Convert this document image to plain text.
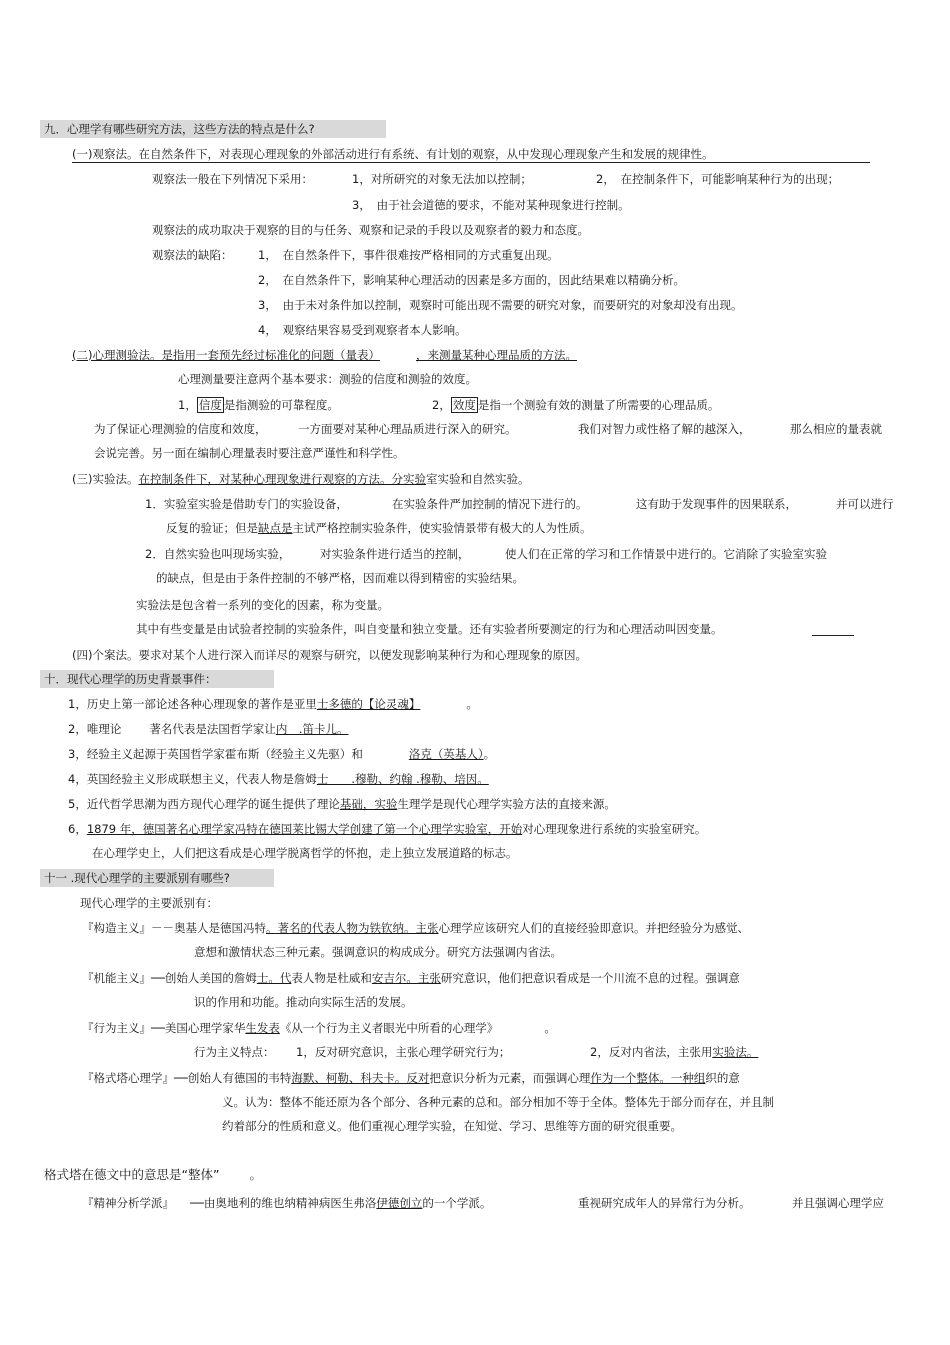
九．心理学有哪些研究方法，这些方法的特点是什么?
(一)观察法。在自然条件下，对表现心理现象的外部活动进行有系统、有计划的观察，从中发现心理现象产生和发展的规律性。
观察法一般在下列情况下采用：	1，对所研究的对象无法加以控制；	2，　在控制条件下，可能影响某种行为的出现；
3，　由于社会道德的要求，不能对某种现象进行控制。
观察法的成功取决于观察的目的与任务、观察和记录的手段以及观察者的毅力和态度。
观察法的缺陷： 1，　在自然条件下，事件很难按严格相同的方式重复出现。
2，　在自然条件下，影响某种心理活动的因素是多方面的，因此结果难以精确分析。
3，　由于未对条件加以控制，观察时可能出现不需要的研究对象，而要研究的对象却没有出现。
4，　观察结果容易受到观察者本人影响。
(二)心理测验法。是指用一套预先经过标准化的问题（量表）	，来测量某种心理品质的方法。
心理测量要注意两个基本要求：测验的信度和测验的效度。
1， 信度 是指测验的可靠程度。	2， 效度 是指一个测验有效的测量了所需要的心理品质。
为了保证心理测验的信度和效度，	一方面要对某种心理品质进行深入的研究。	我们对智力或性格了解的越深入，	那么相应的量表就
会说完善。另一面在编制心理量表时要注意严谨性和科学性。
(三)实验法。在控制条件下，对某种心理现象进行观察的方法。分实验室实验和自然实验。
1．实验室实验是借助专门的实验设备，	在实验条件严加控制的情况下进行的。	这有助于发现事件的因果联系，	并可以进行
反复的验证；但是缺点是主试严格控制实验条件，使实验情景带有极大的人为性质。
2．自然实验也叫现场实验，	对实验条件进行适当的控制，	使人们在正常的学习和工作情景中进行的。它消除了实验室实验
的缺点，但是由于条件控制的不够严格，因而难以得到精密的实验结果。
实验法是包含着一系列的变化的因素，称为变量。
其中有些变量是由试验者控制的实验条件，叫自变量和独立变量。还有实验者所要测定的行为和心理活动叫因变量。
(四)个案法。要求对某个人进行深入而详尽的观察与研究，以便发现影响某种行为和心理现象的原因。
十．现代心理学的历史背景事件：
1，历史上第一部论述各种心理现象的著作是亚里士多德的【论灵魂】	。
2，唯理论 著名代表是法国哲学家让内　.笛卡儿。
3，经验主义起源于英国哲学家霍布斯（经验主义先驱）和	洛克（英基人）。
4，英国经验主义形成联想主义，代表人物是詹姆士　　.穆勒、约翰 .穆勒、培因。
5，近代哲学思潮为西方现代心理学的诞生提供了理论基础，实验生理学是现代心理学实验方法的直接来源。
6，1879 年，德国著名心理学家冯特在德国莱比锡大学创建了第一个心理学实验室，开始对心理现象进行系统的实验室研究。
在心理学史上，人们把这看成是心理学脱离哲学的怀抱，走上独立发展道路的标志。
十一 .现代心理学的主要派别有哪些?
现代心理学的主要派别有：
『构造主义』－－奥基人是德国冯特。著名的代表人物为铁钦纳。主张心理学应该研究人们的直接经验即意识。并把经验分为感觉、
意想和激情状态三种元素。强调意识的构成成分。研究方法强调内省法。
『机能主义』──创始人美国的詹姆士。代表人物是杜威和安吉尔。主张研究意识，他们把意识看成是一个川流不息的过程。强调意
识的作用和功能。推动向实际生活的发展。
『行为主义』──美国心理学家华生发表《从一个行为主义者眼光中所看的心理学》	。
行为主义特点： 1，反对研究意识，主张心理学研究行为；	2，反对内省法，主张用实验法。
『格式塔心理学』──创始人有德国的韦特海默、柯勒、科夫卡。反对把意识分析为元素，而强调心理作为一个整体。一种组织的意
义。认为：整体不能还原为各个部分、各种元素的总和。部分相加不等于全体。整体先于部分而存在，并且制
约着部分的性质和意义。他们重视心理学实验，在知觉、学习、思维等方面的研究很重要。
格式塔在德文中的意思是“整体” 。
『精神分析学派』 ──由奥地利的维也纳精神病医生弗洛伊德创立的一个学派。	重视研究成年人的异常行为分析。	并且强调心理学应
